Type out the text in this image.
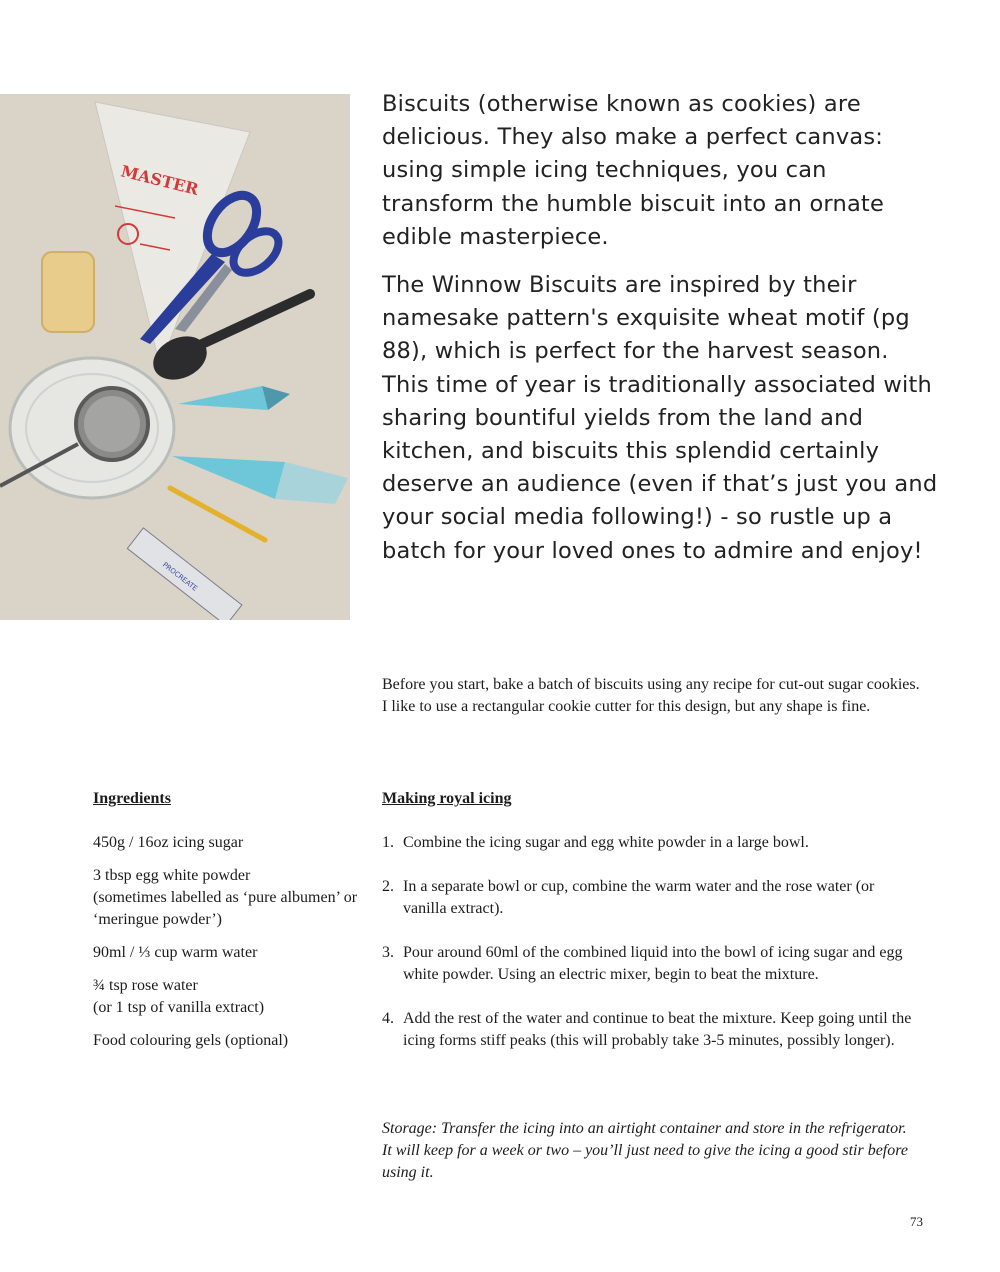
MASTER
PROCREATE

Biscuits (otherwise known as cookies) are delicious. They also make a perfect canvas: using simple icing techniques, you can transform the humble biscuit into an ornate edible masterpiece.

The Winnow Biscuits are inspired by their namesake pattern's exquisite wheat motif (pg 88), which is perfect for the harvest season. This time of year is traditionally associated with sharing bountiful yields from the land and kitchen, and biscuits this splendid certainly deserve an audience (even if that’s just you and your social media following!) - so rustle up a batch for your loved ones to admire and enjoy!

Before you start, bake a batch of biscuits using any recipe for cut-out sugar cookies. I like to use a rectangular cookie cutter for this design, but any shape is fine.

Ingredients
450g / 16oz icing sugar
3 tbsp egg white powder
(sometimes labelled as ‘pure albumen’ or ‘meringue powder’)
90ml / ⅓ cup warm water
¾ tsp rose water
(or 1 tsp of vanilla extract)
Food colouring gels (optional)
Making royal icing
1. Combine the icing sugar and egg white powder in a large bowl.
2. In a separate bowl or cup, combine the warm water and the rose water (or vanilla extract).
3. Pour around 60ml of the combined liquid into the bowl of icing sugar and egg white powder. Using an electric mixer, begin to beat the mixture.
4. Add the rest of the water and continue to beat the mixture. Keep going until the icing forms stiff peaks (this will probably take 3-5 minutes, possibly longer).

Storage: Transfer the icing into an airtight container and store in the refrigerator. It will keep for a week or two – you’ll just need to give the icing a good stir before using it.

73
